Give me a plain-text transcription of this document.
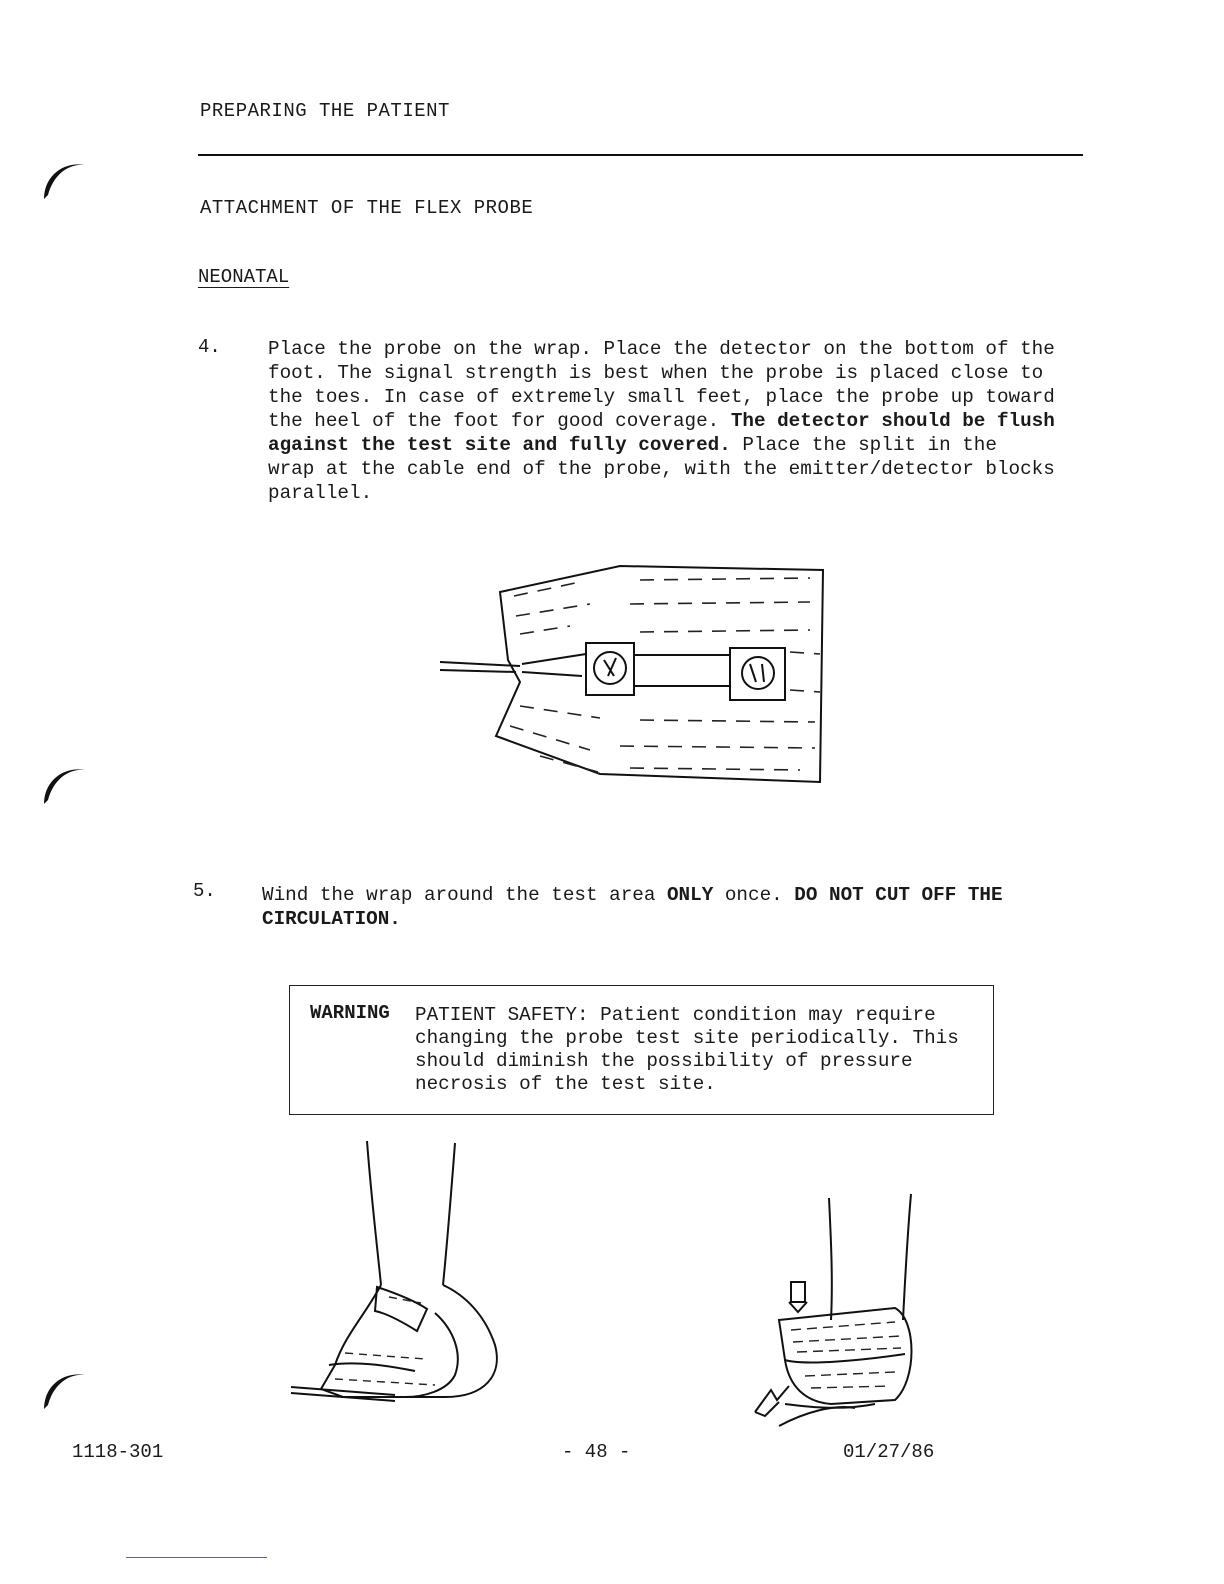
PREPARING THE PATIENT
ATTACHMENT OF THE FLEX PROBE
NEONATAL
4. Place the probe on the wrap. Place the detector on the bottom of the
foot. The signal strength is best when the probe is placed close to
the toes. In case of extremely small feet, place the probe up toward
the heel of the foot for good coverage. The detector should be flush
against the test site and fully covered. Place the split in the
wrap at the cable end of the probe, with the emitter/detector blocks
parallel.
5. Wind the wrap around the test area ONLY once. DO NOT CUT OFF THE
CIRCULATION.
WARNING PATIENT SAFETY: Patient condition may require
changing the probe test site periodically. This
should diminish the possibility of pressure
necrosis of the test site.
1118-301	- 48 -	01/27/86
